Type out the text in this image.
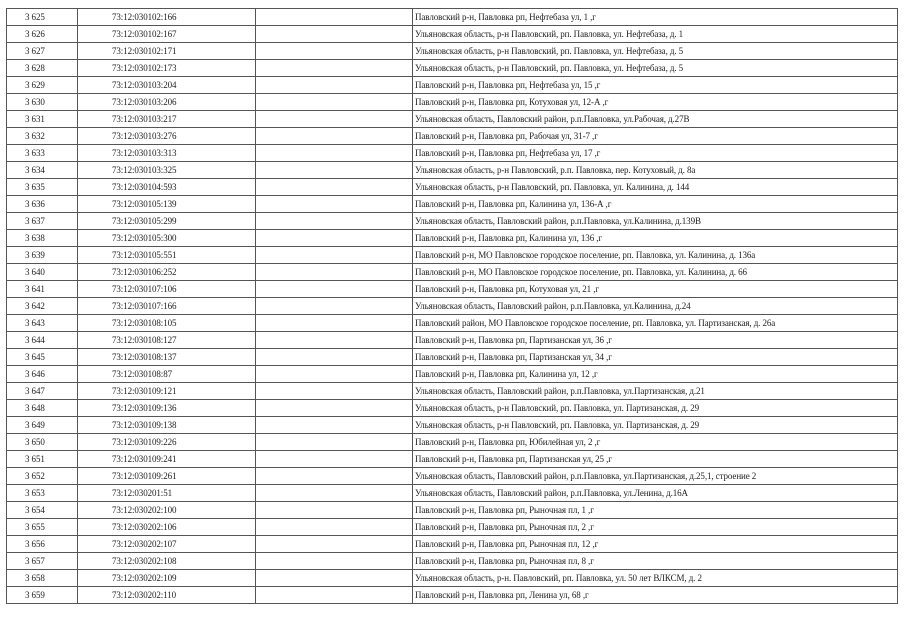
3 625	73:12:030102:166		Павловский р-н, Павловка рп, Нефтебаза ул, 1 ,г
3 626	73:12:030102:167		Ульяновская область, р-н Павловский, рп. Павловка, ул. Нефтебаза, д. 1
3 627	73:12:030102:171		Ульяновская область, р-н Павловский, рп. Павловка, ул. Нефтебаза, д. 5
3 628	73:12:030102:173		Ульяновская область, р-н Павловский, рп. Павловка, ул. Нефтебаза, д. 5
3 629	73:12:030103:204		Павловский р-н, Павловка рп, Нефтебаза ул, 15 ,г
3 630	73:12:030103:206		Павловский р-н, Павловка рп, Котуховая ул, 12-А ,г
3 631	73:12:030103:217		Ульяновская область, Павловский район, р.п.Павловка, ул.Рабочая, д.27В
3 632	73:12:030103:276		Павловский р-н, Павловка рп, Рабочая ул, 31-7 ,г
3 633	73:12:030103:313		Павловский р-н, Павловка рп, Нефтебаза ул, 17 ,г
3 634	73:12:030103:325		Ульяновская область, р-н Павловский, р.п. Павловка, пер. Котуховый, д. 8а
3 635	73:12:030104:593		Ульяновская область, р-н Павловский, рп. Павловка, ул. Калинина, д. 144
3 636	73:12:030105:139		Павловский р-н, Павловка рп, Калинина ул, 136-А ,г
3 637	73:12:030105:299		Ульяновская область, Павловский район, р.п.Павловка, ул.Калинина, д.139В
3 638	73:12:030105:300		Павловский р-н, Павловка рп, Калинина ул, 136 ,г
3 639	73:12:030105:551		Павловский р-н, МО Павловское городское поселение, рп. Павловка, ул. Калинина, д. 136а
3 640	73:12:030106:252		Павловский р-н, МО Павловское городское поселение, рп. Павловка, ул. Калинина, д. 66
3 641	73:12:030107:106		Павловский р-н, Павловка рп, Котуховая ул, 21 ,г
3 642	73:12:030107:166		Ульяновская область, Павловский район, р.п.Павловка, ул.Калинина, д.24
3 643	73:12:030108:105		Павловский район, МО Павловское городское поселение, рп. Павловка, ул. Партизанская, д. 26а
3 644	73:12:030108:127		Павловский р-н, Павловка рп, Партизанская ул, 36 ,г
3 645	73:12:030108:137		Павловский р-н, Павловка рп, Партизанская ул, 34 ,г
3 646	73:12:030108:87		Павловский р-н, Павловка рп, Калинина ул, 12 ,г
3 647	73:12:030109:121		Ульяновская область, Павловский район, р.п.Павловка, ул.Партизанская, д.21
3 648	73:12:030109:136		Ульяновская область, р-н Павловский, рп. Павловка, ул. Партизанская, д. 29
3 649	73:12:030109:138		Ульяновская область, р-н Павловский, рп. Павловка, ул. Партизанская, д. 29
3 650	73:12:030109:226		Павловский р-н, Павловка рп, Юбилейная ул, 2 ,г
3 651	73:12:030109:241		Павловский р-н, Павловка рп, Партизанская ул, 25 ,г
3 652	73:12:030109:261		Ульяновская область, Павловский район, р.п.Павловка, ул.Партизанская, д.25,1, строение 2
3 653	73:12:030201:51		Ульяновская область, Павловский район, р.п.Павловка, ул.Ленина, д.16А
3 654	73:12:030202:100		Павловский р-н, Павловка рп, Рыночная пл, 1 ,г
3 655	73:12:030202:106		Павловский р-н, Павловка рп, Рыночная пл, 2 ,г
3 656	73:12:030202:107		Павловский р-н, Павловка рп, Рыночная пл, 12 ,г
3 657	73:12:030202:108		Павловский р-н, Павловка рп, Рыночная пл, 8 ,г
3 658	73:12:030202:109		Ульяновская область, р-н. Павловский, рп. Павловка, ул. 50 лет ВЛКСМ, д. 2
3 659	73:12:030202:110		Павловский р-н, Павловка рп, Ленина ул, 68 ,г
